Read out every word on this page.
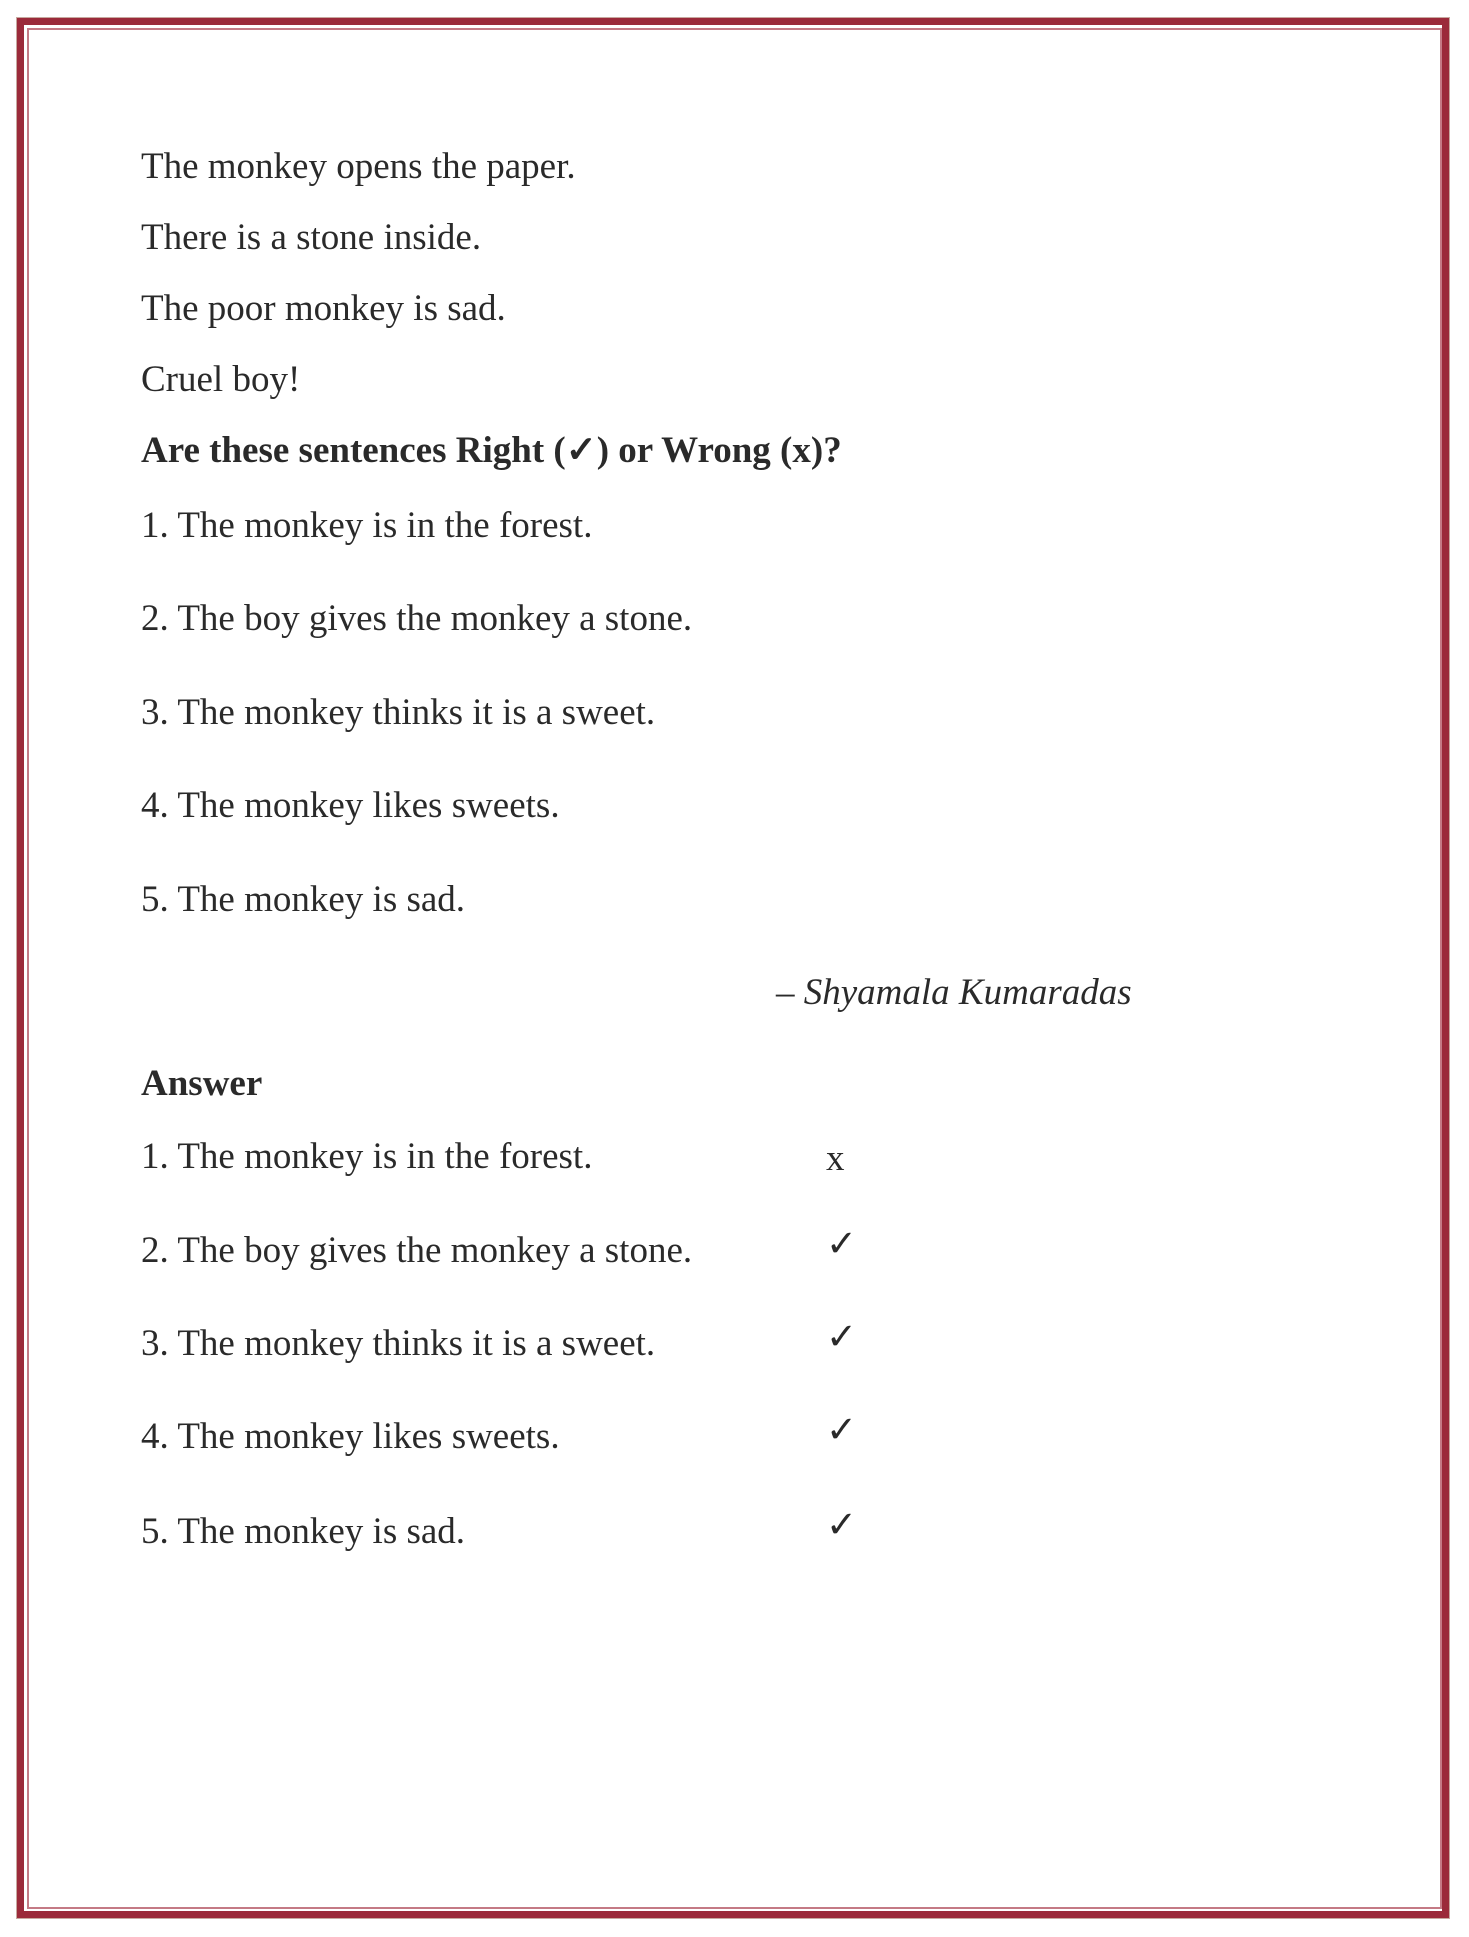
The monkey opens the paper.
There is a stone inside.
The poor monkey is sad.
Cruel boy!
Are these sentences Right (✓) or Wrong (x)?
1. The monkey is in the forest.
2. The boy gives the monkey a stone.
3. The monkey thinks it is a sweet.
4. The monkey likes sweets.
5. The monkey is sad.
– Shyamala Kumaradas
Answer
1. The monkey is in the forest.	x
2. The boy gives the monkey a stone.	✓
3. The monkey thinks it is a sweet.	✓
4. The monkey likes sweets.	✓
5. The monkey is sad.	✓
